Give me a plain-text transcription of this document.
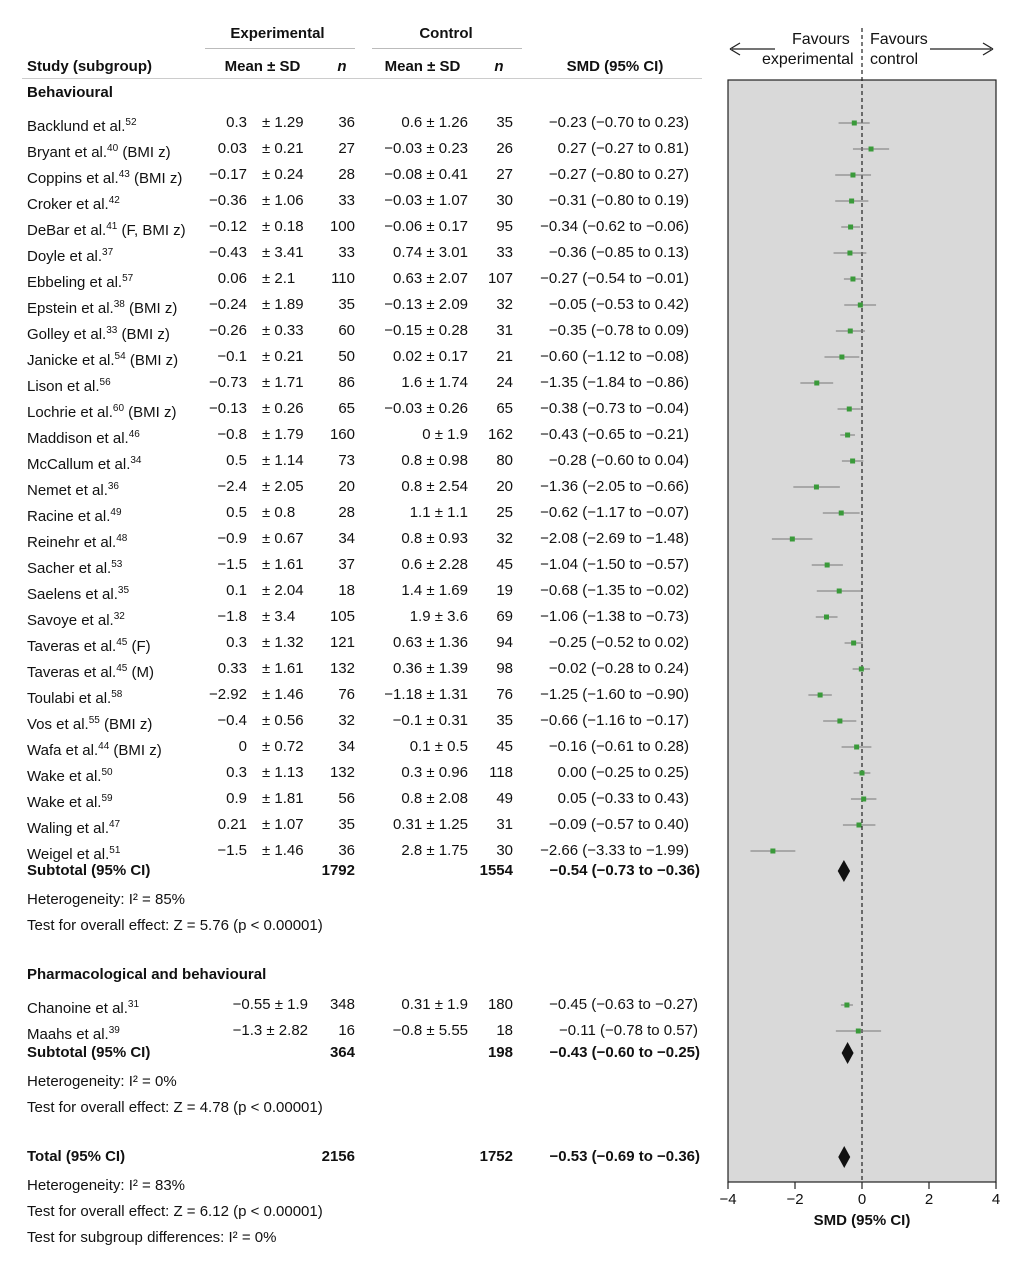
Experimental	Control
Study (subgroup)	Mean ± SD	n	Mean ± SD	n	SMD (95% CI)
Behavioural
Backlund et al.$^{52}$	0.3 ± 1.29	36	0.6 ± 1.26	35	−0.23 (−0.70 to 0.23)
Bryant et al.$^{40}$ (BMI z)	0.03 ± 0.21	27	−0.03 ± 0.23	26	0.27 (−0.27 to 0.81)
Coppins et al.$^{43}$ (BMI z)	−0.17 ± 0.24	28	−0.08 ± 0.41	27	−0.27 (−0.80 to 0.27)
Croker et al.$^{42}$	−0.36 ± 1.06	33	−0.03 ± 1.07	30	−0.31 (−0.80 to 0.19)
DeBar et al.$^{41}$ (F, BMI z)	−0.12 ± 0.18	100	−0.06 ± 0.17	95	−0.34 (−0.62 to −0.06)
Doyle et al.$^{37}$	−0.43 ± 3.41	33	0.74 ± 3.01	33	−0.36 (−0.85 to 0.13)
Ebbeling et al.$^{57}$	0.06 ± 2.1	110	0.63 ± 2.07	107	−0.27 (−0.54 to −0.01)
Epstein et al.$^{38}$ (BMI z)	−0.24 ± 1.89	35	−0.13 ± 2.09	32	−0.05 (−0.53 to 0.42)
Golley et al.$^{33}$ (BMI z)	−0.26 ± 0.33	60	−0.15 ± 0.28	31	−0.35 (−0.78 to 0.09)
Janicke et al.$^{54}$ (BMI z)	−0.1 ± 0.21	50	0.02 ± 0.17	21	−0.60 (−1.12 to −0.08)
Lison et al.$^{56}$	−0.73 ± 1.71	86	1.6 ± 1.74	24	−1.35 (−1.84 to −0.86)
Lochrie et al.$^{60}$ (BMI z)	−0.13 ± 0.26	65	−0.03 ± 0.26	65	−0.38 (−0.73 to −0.04)
Maddison et al.$^{46}$	−0.8 ± 1.79	160	0 ± 1.9	162	−0.43 (−0.65 to −0.21)
McCallum et al.$^{34}$	0.5 ± 1.14	73	0.8 ± 0.98	80	−0.28 (−0.60 to 0.04)
Nemet et al.$^{36}$	−2.4 ± 2.05	20	0.8 ± 2.54	20	−1.36 (−2.05 to −0.66)
Racine et al.$^{49}$	0.5 ± 0.8	28	1.1 ± 1.1	25	−0.62 (−1.17 to −0.07)
Reinehr et al.$^{48}$	−0.9 ± 0.67	34	0.8 ± 0.93	32	−2.08 (−2.69 to −1.48)
Sacher et al.$^{53}$	−1.5 ± 1.61	37	0.6 ± 2.28	45	−1.04 (−1.50 to −0.57)
Saelens et al.$^{35}$	0.1 ± 2.04	18	1.4 ± 1.69	19	−0.68 (−1.35 to −0.02)
Savoye et al.$^{32}$	−1.8 ± 3.4	105	1.9 ± 3.6	69	−1.06 (−1.38 to −0.73)
Taveras et al.$^{45}$ (F)	0.3 ± 1.32	121	0.63 ± 1.36	94	−0.25 (−0.52 to 0.02)
Taveras et al.$^{45}$ (M)	0.33 ± 1.61	132	0.36 ± 1.39	98	−0.02 (−0.28 to 0.24)
Toulabi et al.$^{58}$	−2.92 ± 1.46	76	−1.18 ± 1.31	76	−1.25 (−1.60 to −0.90)
Vos et al.$^{55}$ (BMI z)	−0.4 ± 0.56	32	−0.1 ± 0.31	35	−0.66 (−1.16 to −0.17)
Wafa et al.$^{44}$ (BMI z)	0 ± 0.72	34	0.1 ± 0.5	45	−0.16 (−0.61 to 0.28)
Wake et al.$^{50}$	0.3 ± 1.13	132	0.3 ± 0.96	118	0.00 (−0.25 to 0.25)
Wake et al.$^{59}$	0.9 ± 1.81	56	0.8 ± 2.08	49	0.05 (−0.33 to 0.43)
Waling et al.$^{47}$	0.21 ± 1.07	35	0.31 ± 1.25	31	−0.09 (−0.57 to 0.40)
Weigel et al.$^{51}$	−1.5 ± 1.46	36	2.8 ± 1.75	30	−2.66 (−3.33 to −1.99)
Subtotal (95% CI)	1792	1554	−0.54 (−0.73 to −0.36)
Heterogeneity: I² = 85%
Test for overall effect: Z = 5.76 (p < 0.00001)
Pharmacological and behavioural
Chanoine et al.$^{31}$	−0.55 ± 1.9	348	0.31 ± 1.9	180	−0.45 (−0.63 to −0.27)
Maahs et al.$^{39}$	−1.3 ± 2.82	16	−0.8 ± 5.55	18	−0.11 (−0.78 to 0.57)
Subtotal (95% CI)	364	198	−0.43 (−0.60 to −0.25)
Heterogeneity: I² = 0%
Test for overall effect: Z = 4.78 (p < 0.00001)
Total (95% CI)	2156	1752	−0.53 (−0.69 to −0.36)
Heterogeneity: I² = 83%
Test for overall effect: Z = 6.12 (p < 0.00001)
Test for subgroup differences: I² = 0%
Favours
experimental
Favours
control
−4	−2	0	2	4
SMD (95% CI)
